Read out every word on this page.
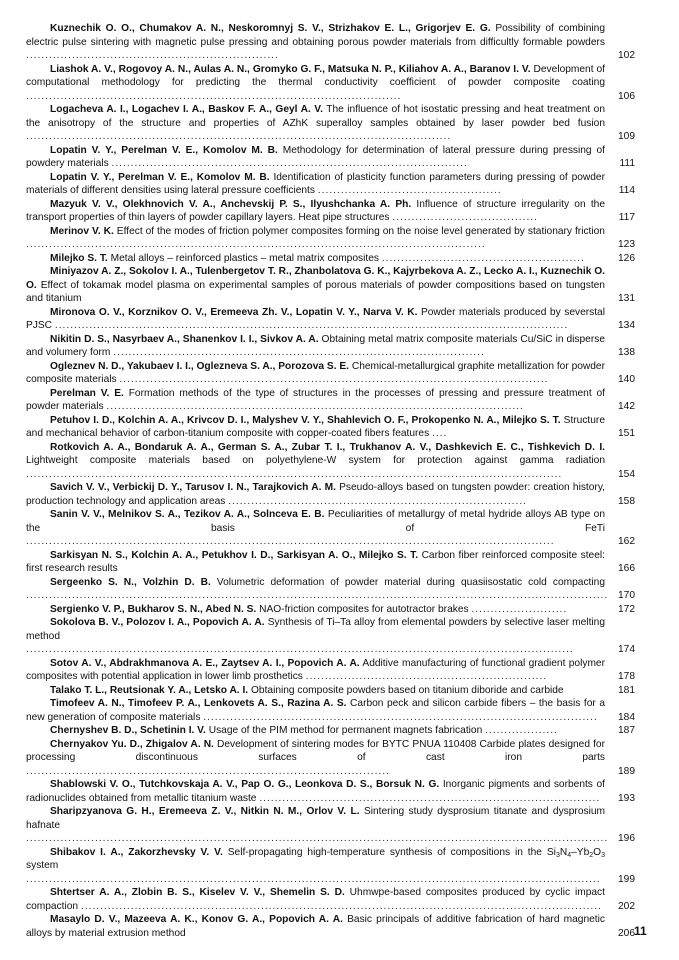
Kuznechik O. O., Chumakov A. N., Neskoromnyj S. V., Strizhakov E. L., Grigorjev E. G. Possibility of combining electric pulse sintering with magnetic pulse pressing and obtaining porous powder materials from difficultly formable powders ..................................................................	102
Liashok A. V., Rogovoy A. N., Aulas A. N., Gromyko G. F., Matsuka N. P., Kiliahov A. A., Baranov I. V. Development of computational methodology for predicting the thermal conductivity coefficient of powder composite coating ..................................................................................................	106
Logacheva A. I., Logachev I. A., Baskov F. A., Geyl A. V. The influence of hot isostatic pressing and heat treatment on the anisotropy of the structure and properties of AZhK superalloy samples obtained by laser powder bed fusion ...............................................................................................................	109
Lopatin V. Y., Perelman V. E., Komolov M. B. Methodology for determination of lateral pressure during pressing of powdery materials .............................................................................................	111
Lopatin V. Y., Perelman V. E., Komolov M. B. Identification of plasticity function parameters during pressing of powder materials of different densities using lateral pressure coefficients ................................................	114
Mazyuk V. V., Olekhnovich V. A., Anchevskij P. S., Ilyushchanka A. Ph. Influence of structure irregularity on the transport properties of thin layers of powder capillary layers. Heat pipe structures ......................................	117
Merinov V. K. Effect of the modes of friction polymer composites forming on the noise level generated by stationary friction ........................................................................................................................	123
Milejko S. T. Metal alloys – reinforced plastics – metal matrix composites .....................................................	126
Miniyazov A. Z., Sokolov I. A., Tulenbergetov T. R., Zhanbolatova G. K., Kajyrbekova A. Z., Lecko A. I., Kuznechik O. O. Effect of tokamak model plasma on experimental samples of porous materials of powder compositions based on tungsten and titanium	131
Mironova O. V., Korznikov O. V., Eremeeva Zh. V., Lopatin V. Y., Narva V. K. Powder materials produced by severstal PJSC ......................................................................................................................................	134
Nikitin D. S., Nasyrbaev A., Shanenkov I. I., Sivkov A. A. Obtaining metal matrix composite materials Cu/SiC in disperse and volumery form .................................................................................................	138
Ogleznev N. D., Yakubaev I. I., Oglezneva S. A., Porozova S. E. Chemical-metallurgical graphite metallization for powder composite materials ................................................................................................................	140
Perelman V. E. Formation methods of the type of structures in the processes of pressing and pressure treatment of powder materials .............................................................................................................	142
Petuhov I. D., Kolchin A. A., Krivcov D. I., Malyshev V. Y., Shahlevich O. F., Prokopenko N. A., Milejko S. T. Structure and mechanical behavior of carbon-titanium composite with copper-coated fibers features ....	151
Rotkovich A. A., Bondaruk A. A., German S. A., Zubar T. I., Trukhanov A. V., Dashkevich E. C., Tishkevich D. I. Lightweight composite materials based on polyethylene-W system for protection against gamma radiation ............................................................................................................................................	154
Savich V. V., Verbickij D. Y., Tarusov I. N., Tarajkovich A. M. Pseudo-alloys based on tungsten powder: creation history, production technology and application areas ..............................................................................	158
Sanin V. V., Melnikov S. A., Tezikov A. A., Solnceva E. B. Peculiarities of metallurgy of metal hydride alloys AB type on the basis of FeTi ..........................................................................................................................................	162
Sarkisyan N. S., Kolchin A. A., Petukhov I. D., Sarkisyan A. O., Milejko S. T. Carbon fiber reinforced composite steel: first research results	166
Sergeenko S. N., Volzhin D. B. Volumetric deformation of powder material during quasiisostatic cold compacting ........................................................................................................................................................ 170
Sergienko V. P., Bukharov S. N., Abed N. S. NAO-friction composites for autotractor brakes .........................	172
Sokolova B. V., Polozov I. A., Popovich A. A. Synthesis of Ti–Ta alloy from elemental powders by selective laser melting method ...............................................................................................................................................	174
Sotov A. V., Abdrakhmanova A. E., Zaytsev A. I., Popovich A. A. Additive manufacturing of functional gradient polymer composites with potential application in lower limb prosthetics ...............................................................	178
Talako T. L., Reutsionak Y. A., Letsko A. I. Obtaining composite powders based on titanium diboride and carbide	181
Timofeev A. N., Timofeev P. A., Lenkovets A. S., Razina A. S. Carbon peck and silicon carbide fibers – the basis for a new generation of composite materials .......................................................................................................	184
Chernyshev B. D., Schetinin I. V. Usage of the PIM method for permanent magnets fabrication ...................	187
Chernyakov Yu. D., Zhigalov A. N. Development of sintering modes for BYTC PNUA 110408 Carbide plates designed for processing discontinuous surfaces of cast iron parts ...............................................................................................	189
Shablowski V. O., Tutchkovskaja A. V., Pap O. G., Leonkova D. S., Borsuk N. G. Inorganic pigments and sorbents of radionuclides obtained from metallic titanium waste .........................................................................................	193
Sharipzyanova G. H., Eremeeva Z. V., Nitkin N. M., Orlov V. L. Sintering study dysprosium titanate and dysprosium hafnate ........................................................................................................................................................ 196
Shibakov I. A., Zakorzhevsky V. V. Self-propagating high-temperature synthesis of compositions in the $Si_3N_4-Yb_2O_3$ system ......................................................................................................................................................	199
Shtertser A. A., Zlobin B. S., Kiselev V. V., Shemelin S. D. Uhmwpe-based composites produced by cyclic impact compaction ........................................................................................................................................	202
Masaylo D. V., Mazeeva A. K., Konov G. A., Popovich A. A. Basic principals of additive fabrication of hard magnetic alloys by material extrusion method	206 11
